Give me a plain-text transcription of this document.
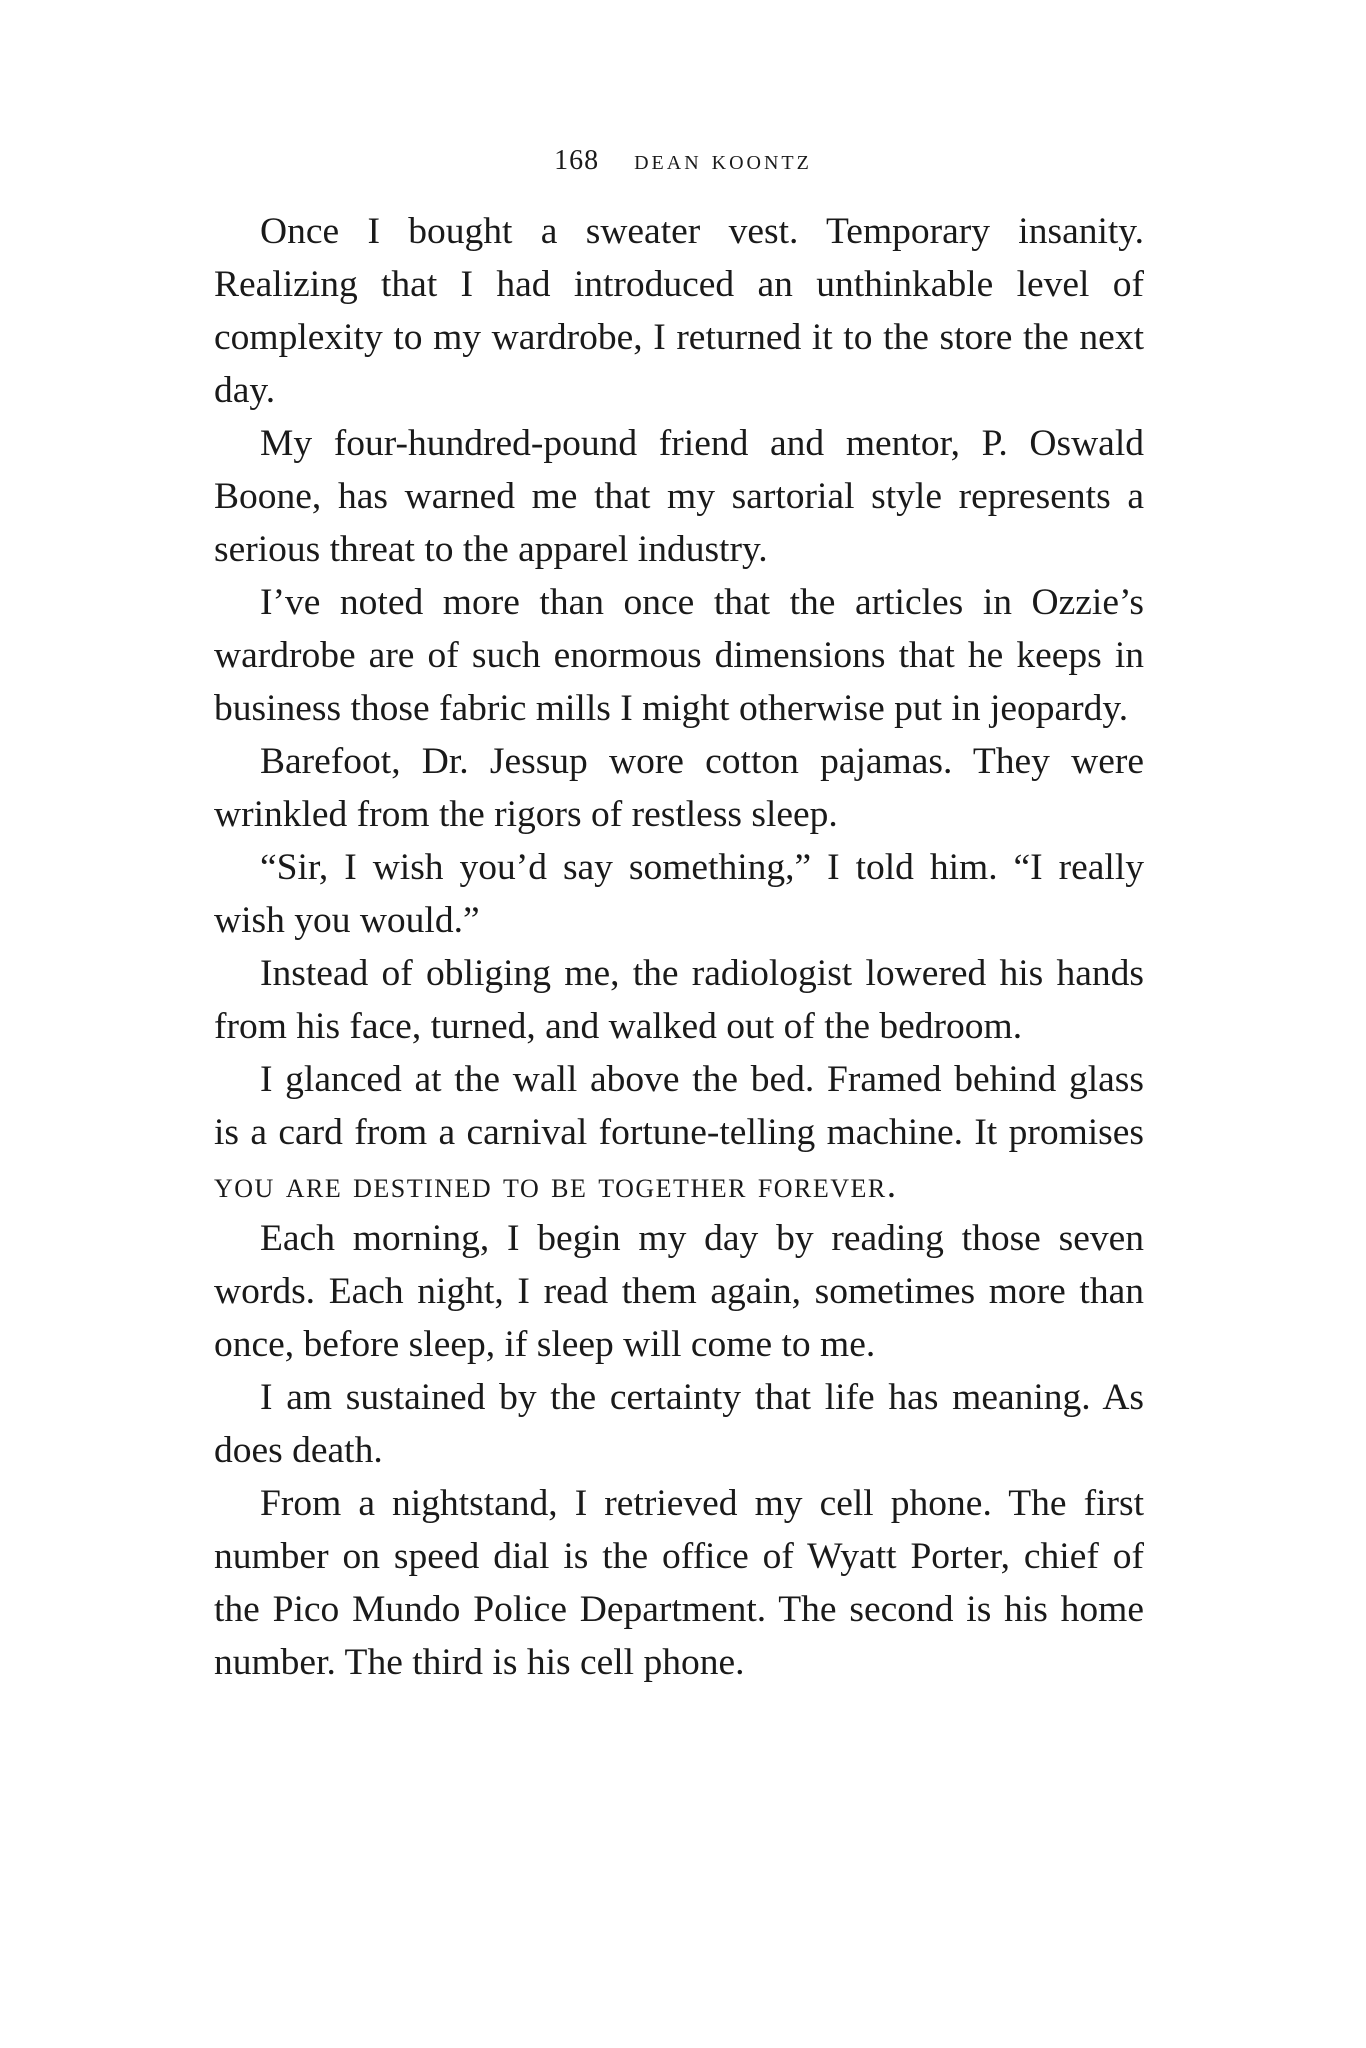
168 dean koontz

Once I bought a sweater vest. Temporary insanity. Realizing that I had introduced an unthinkable level of complexity to my wardrobe, I returned it to the store the next day.

My four-hundred-pound friend and mentor, P. Oswald Boone, has warned me that my sartorial style represents a serious threat to the apparel industry.

I’ve noted more than once that the articles in Ozzie’s wardrobe are of such enormous dimensions that he keeps in business those fabric mills I might otherwise put in jeopardy.

Barefoot, Dr. Jessup wore cotton pajamas. They were wrinkled from the rigors of restless sleep.

“Sir, I wish you’d say something,” I told him. “I really wish you would.”

Instead of obliging me, the radiologist lowered his hands from his face, turned, and walked out of the bedroom.

I glanced at the wall above the bed. Framed behind glass is a card from a carnival fortune-telling machine. It promises you are destined to be together forever.

Each morning, I begin my day by reading those seven words. Each night, I read them again, sometimes more than once, before sleep, if sleep will come to me.

I am sustained by the certainty that life has meaning. As does death.

From a nightstand, I retrieved my cell phone. The first number on speed dial is the office of Wyatt Porter, chief of the Pico Mundo Police Department. The second is his home number. The third is his cell phone.
